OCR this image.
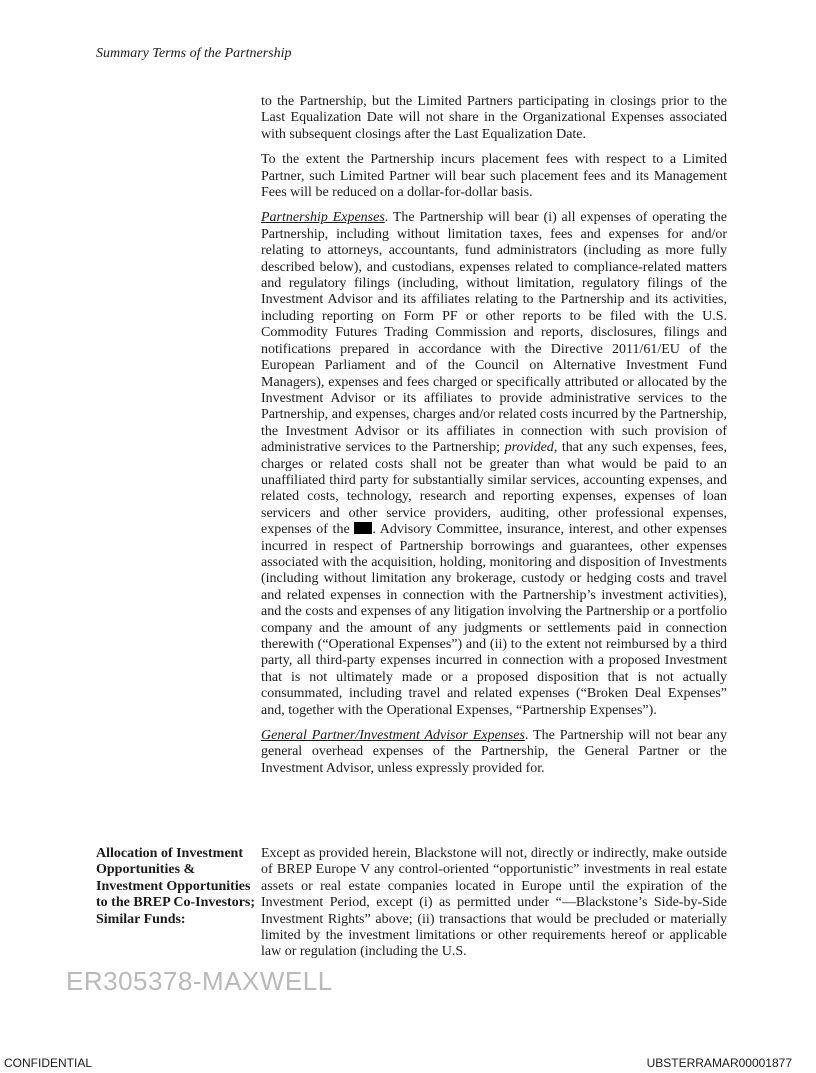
Summary Terms of the Partnership

to the Partnership, but the Limited Partners participating in closings prior to the Last Equalization Date will not share in the Organizational Expenses associated with subsequent closings after the Last Equalization Date.

To the extent the Partnership incurs placement fees with respect to a Limited Partner, such Limited Partner will bear such placement fees and its Management Fees will be reduced on a dollar-for-dollar basis.

Partnership Expenses. The Partnership will bear (i) all expenses of operating the Partnership, including without limitation taxes, fees and expenses for and/or relating to attorneys, accountants, fund administrators (including as more fully described below), and custodians, expenses related to compliance-related matters and regulatory filings (including, without limitation, regulatory filings of the Investment Advisor and its affiliates relating to the Partnership and its activities, including reporting on Form PF or other reports to be filed with the U.S. Commodity Futures Trading Commission and reports, disclosures, filings and notifications prepared in accordance with the Directive 2011/61/EU of the European Parliament and of the Council on Alternative Investment Fund Managers), expenses and fees charged or specifically attributed or allocated by the Investment Advisor or its affiliates to provide administrative services to the Partnership, and expenses, charges and/or related costs incurred by the Partnership, the Investment Advisor or its affiliates in connection with such provision of administrative services to the Partnership; provided, that any such expenses, fees, charges or related costs shall not be greater than what would be paid to an unaffiliated third party for substantially similar services, accounting expenses, and related costs, technology, research and reporting expenses, expenses of loan servicers and other service providers, auditing, other professional expenses, expenses of the . Advisory Committee, insurance, interest, and other expenses incurred in respect of Partnership borrowings and guarantees, other expenses associated with the acquisition, holding, monitoring and disposition of Investments (including without limitation any brokerage, custody or hedging costs and travel and related expenses in connection with the Partnership’s investment activities), and the costs and expenses of any litigation involving the Partnership or a portfolio company and the amount of any judgments or settlements paid in connection therewith (“Operational Expenses”) and (ii) to the extent not reimbursed by a third party, all third-party expenses incurred in connection with a proposed Investment that is not ultimately made or a proposed disposition that is not actually consummated, including travel and related expenses (“Broken Deal Expenses” and, together with the Operational Expenses, “Partnership Expenses”).

General Partner/Investment Advisor Expenses. The Partnership will not bear any general overhead expenses of the Partnership, the General Partner or the Investment Advisor, unless expressly provided for.

Allocation of Investment Opportunities & Investment Opportunities to the BREP Co-Investors; Similar Funds:
Except as provided herein, Blackstone will not, directly or indirectly, make outside of BREP Europe V any control-oriented “opportunistic” investments in real estate assets or real estate companies located in Europe until the expiration of the Investment Period, except (i) as permitted under “—Blackstone’s Side-by-Side Investment Rights” above; (ii) transactions that would be precluded or materially limited by the investment limitations or other requirements hereof or applicable law or regulation (including the U.S.
ER305378-MAXWELL
CONFIDENTIAL	UBSTERRAMAR00001877
